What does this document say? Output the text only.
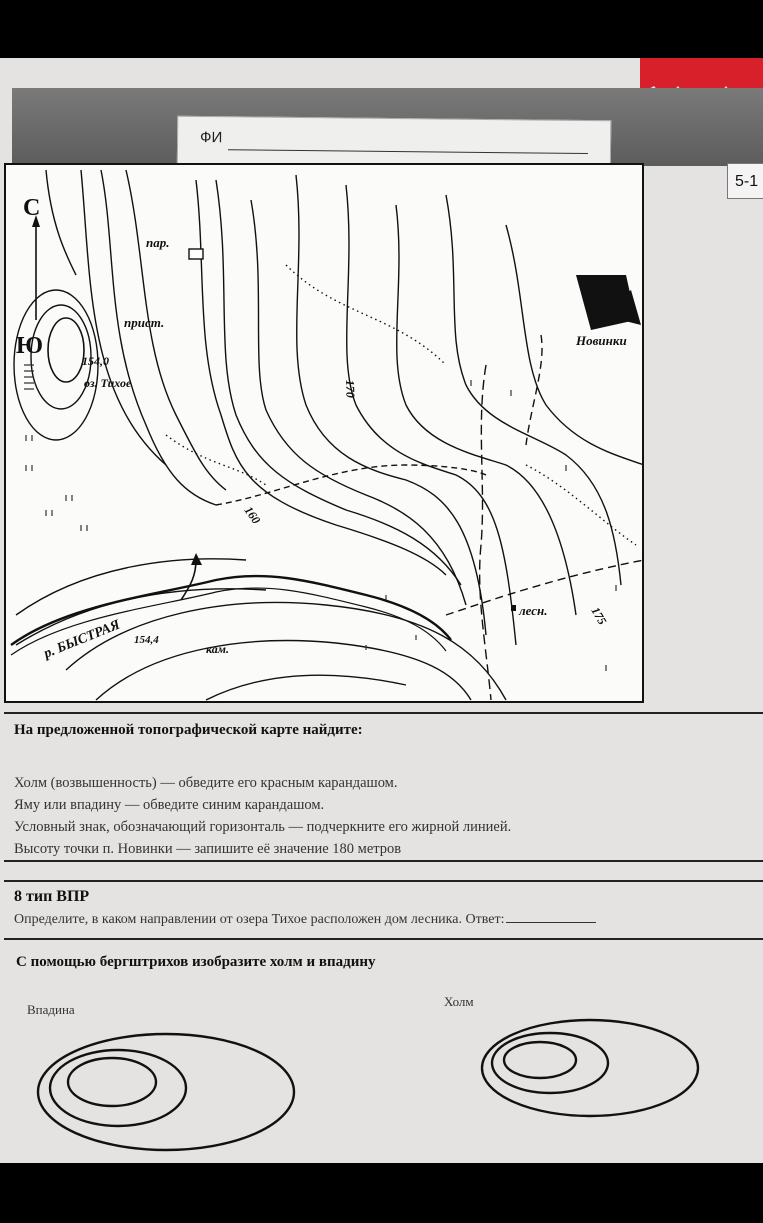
ФИ
5-1
С
Ю
пар.
прист.
154,0
оз. Тихое
Новинки
170
160
175
р. БЫСТРАЯ 154,4
кам.
лесн.
На предложенной топографической карте найдите:
Холм (возвышенность) — обведите его красным карандашом.
Яму или впадину — обведите синим карандашом.
Условный знак, обозначающий горизонталь — подчеркните его жирной линией.
Высоту точки п. Новинки — запишите её значение 180 метров
8 тип ВПР
Определите, в каком направлении от озера Тихое расположен дом лесника. Ответ:
С помощью бергштрихов изобразите холм и впадину
Впадина
Холм
